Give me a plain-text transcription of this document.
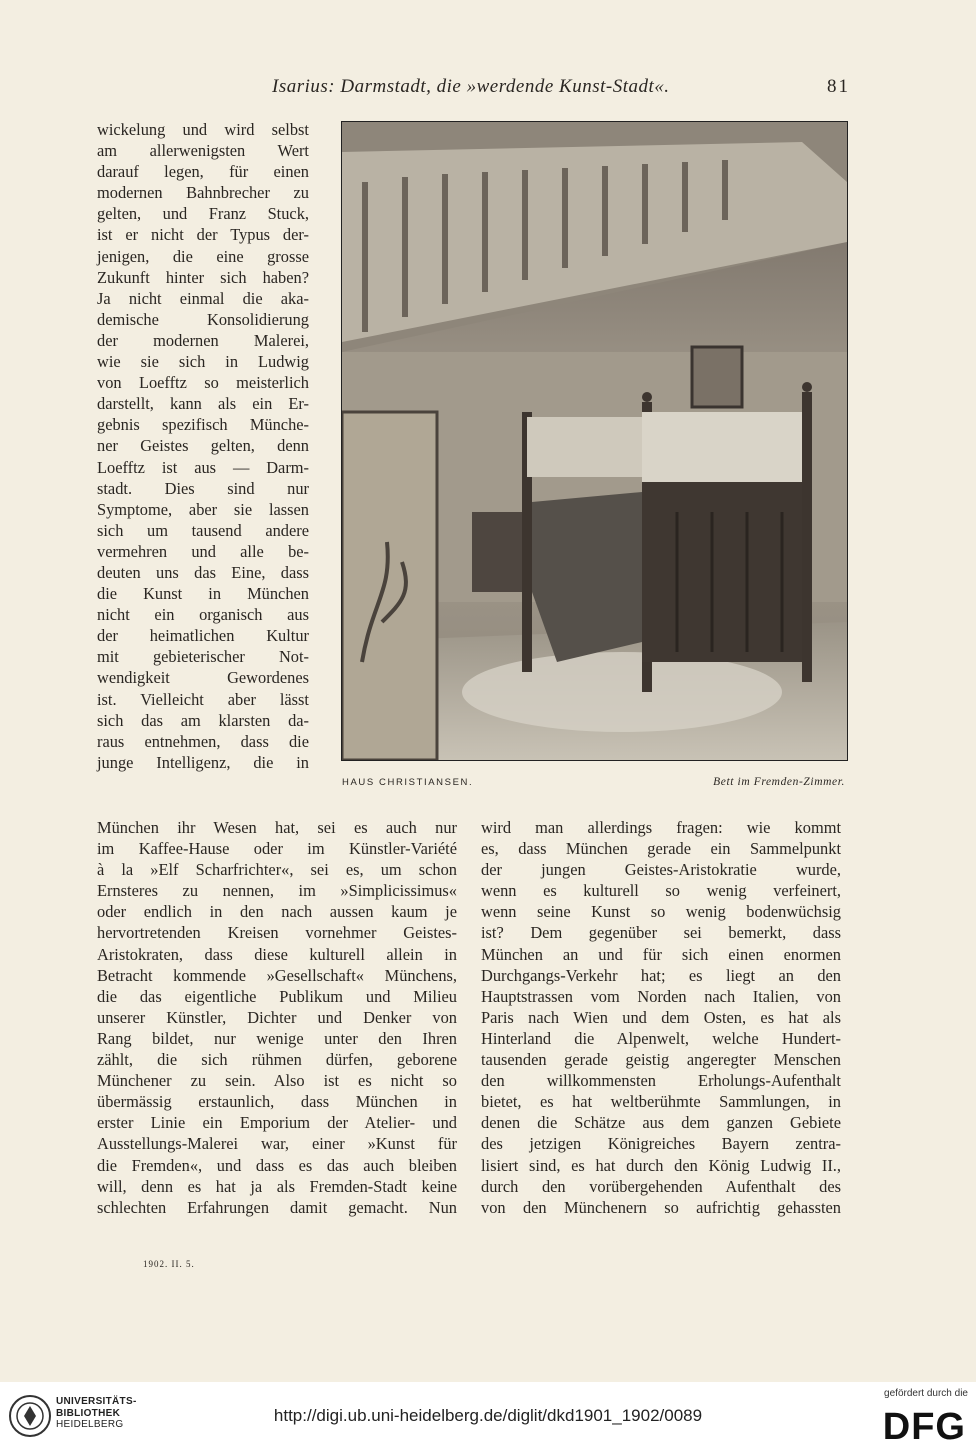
Isarius: Darmstadt, die »werdende Kunst-Stadt«.	81
wickelung und wird selbst
am allerwenigsten Wert
darauf legen, für einen
modernen Bahnbrecher zu
gelten, und Franz Stuck,
ist er nicht der Typus der-
jenigen, die eine grosse
Zukunft hinter sich haben?
Ja nicht einmal die aka-
demische Konsolidierung
der modernen Malerei,
wie sie sich in Ludwig
von Loefftz so meisterlich
darstellt, kann als ein Er-
gebnis spezifisch Münche-
ner Geistes gelten, denn
Loefftz ist aus — Darm-
stadt. Dies sind nur
Symptome, aber sie lassen
sich um tausend andere
vermehren und alle be-
deuten uns das Eine, dass
die Kunst in München
nicht ein organisch aus
der heimatlichen Kultur
mit gebieterischer Not-
wendigkeit Gewordenes
ist. Vielleicht aber lässt
sich das am klarsten da-
raus entnehmen, dass die
junge Intelligenz, die in
HAUS CHRISTIANSEN.	Bett im Fremden-Zimmer.
München ihr Wesen hat, sei es auch nur
im Kaffee-Hause oder im Künstler-Variété
à la »Elf Scharfrichter«, sei es, um schon
Ernsteres zu nennen, im »Simplicissimus«
oder endlich in den nach aussen kaum je
hervortretenden Kreisen vornehmer Geistes-
Aristokraten, dass diese kulturell allein in
Betracht kommende »Gesellschaft« Münchens,
die das eigentliche Publikum und Milieu
unserer Künstler, Dichter und Denker von
Rang bildet, nur wenige unter den Ihren
zählt, die sich rühmen dürfen, geborene
Münchener zu sein. Also ist es nicht so
übermässig erstaunlich, dass München in
erster Linie ein Emporium der Atelier- und
Ausstellungs-Malerei war, einer »Kunst für
die Fremden«, und dass es das auch bleiben
will, denn es hat ja als Fremden-Stadt keine
schlechten Erfahrungen damit gemacht. Nun
wird man allerdings fragen: wie kommt
es, dass München gerade ein Sammelpunkt
der jungen Geistes-Aristokratie wurde,
wenn es kulturell so wenig verfeinert,
wenn seine Kunst so wenig bodenwüchsig
ist? Dem gegenüber sei bemerkt, dass
München an und für sich einen enormen
Durchgangs-Verkehr hat; es liegt an den
Hauptstrassen vom Norden nach Italien, von
Paris nach Wien und dem Osten, es hat als
Hinterland die Alpenwelt, welche Hundert-
tausenden gerade geistig angeregter Menschen
den willkommensten Erholungs-Aufenthalt
bietet, es hat weltberühmte Sammlungen, in
denen die Schätze aus dem ganzen Gebiete
des jetzigen Königreiches Bayern zentra-
lisiert sind, es hat durch den König Ludwig II.,
durch den vorübergehenden Aufenthalt des
von den Münchenern so aufrichtig gehassten
1902. II. 5.
UNIVERSITÄTS-
BIBLIOTHEK
HEIDELBERG	http://digi.ub.uni-heidelberg.de/diglit/dkd1901_1902/0089
gefördert durch die
DFG
